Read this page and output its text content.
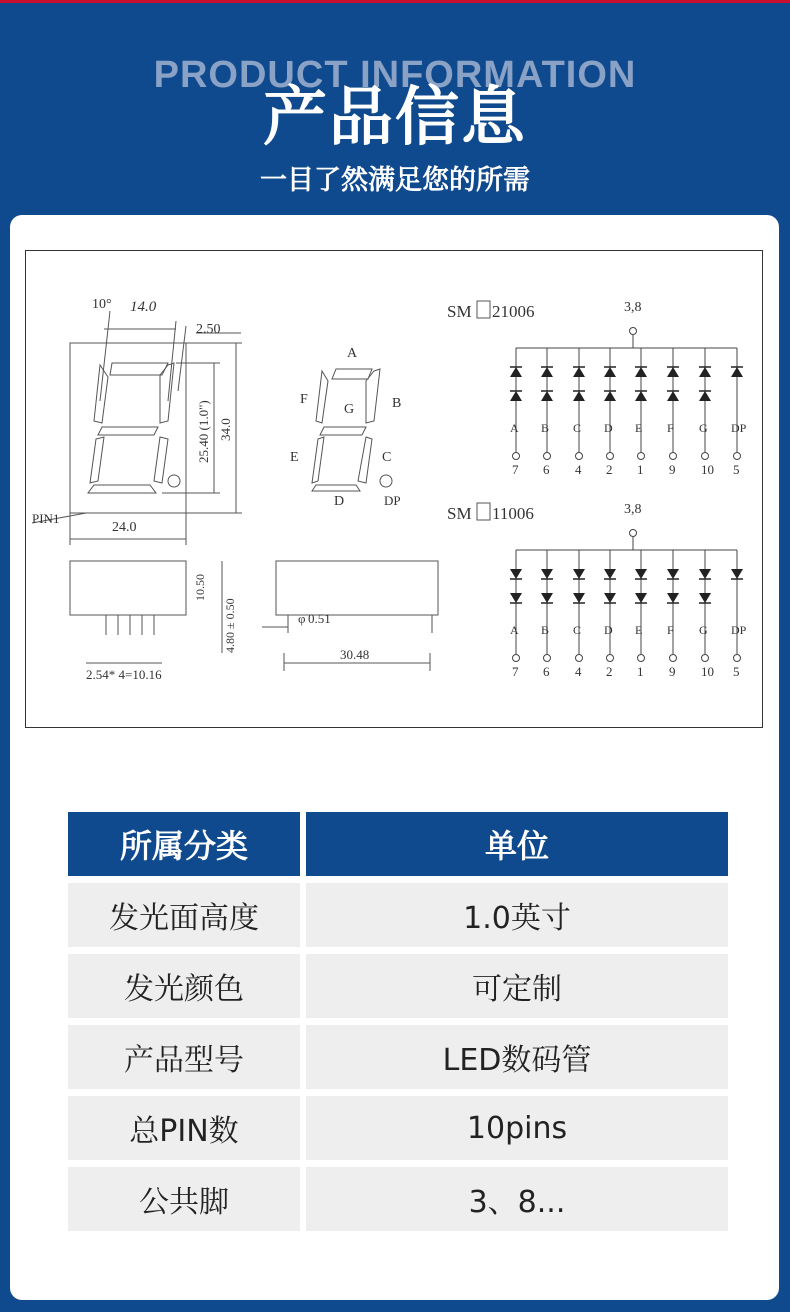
PRODUCT INFORMATION
产品信息
一目了然满足您的所需
3,8
A
7
B
6
C
4
D
2
E
1
F
9
G
10
DP
5
3,8
A
7
B
6
C
4
D
2
E
1
F
9
G
10
DP
5
10° 14.0
2.50
25.40 (1.0") 34.0
24.0
PIN1
A
B
C
D
E
F
G
DP
10.50
4.80 ± 0.50
2.54* 4=10.16
φ 0.51
30.48
SM 21006
SM 11006
所属分类	单位
发光面高度	1.0英寸
发光颜色	可定制
产品型号	LED数码管
总PIN数	10pins
公共脚	3、8...
